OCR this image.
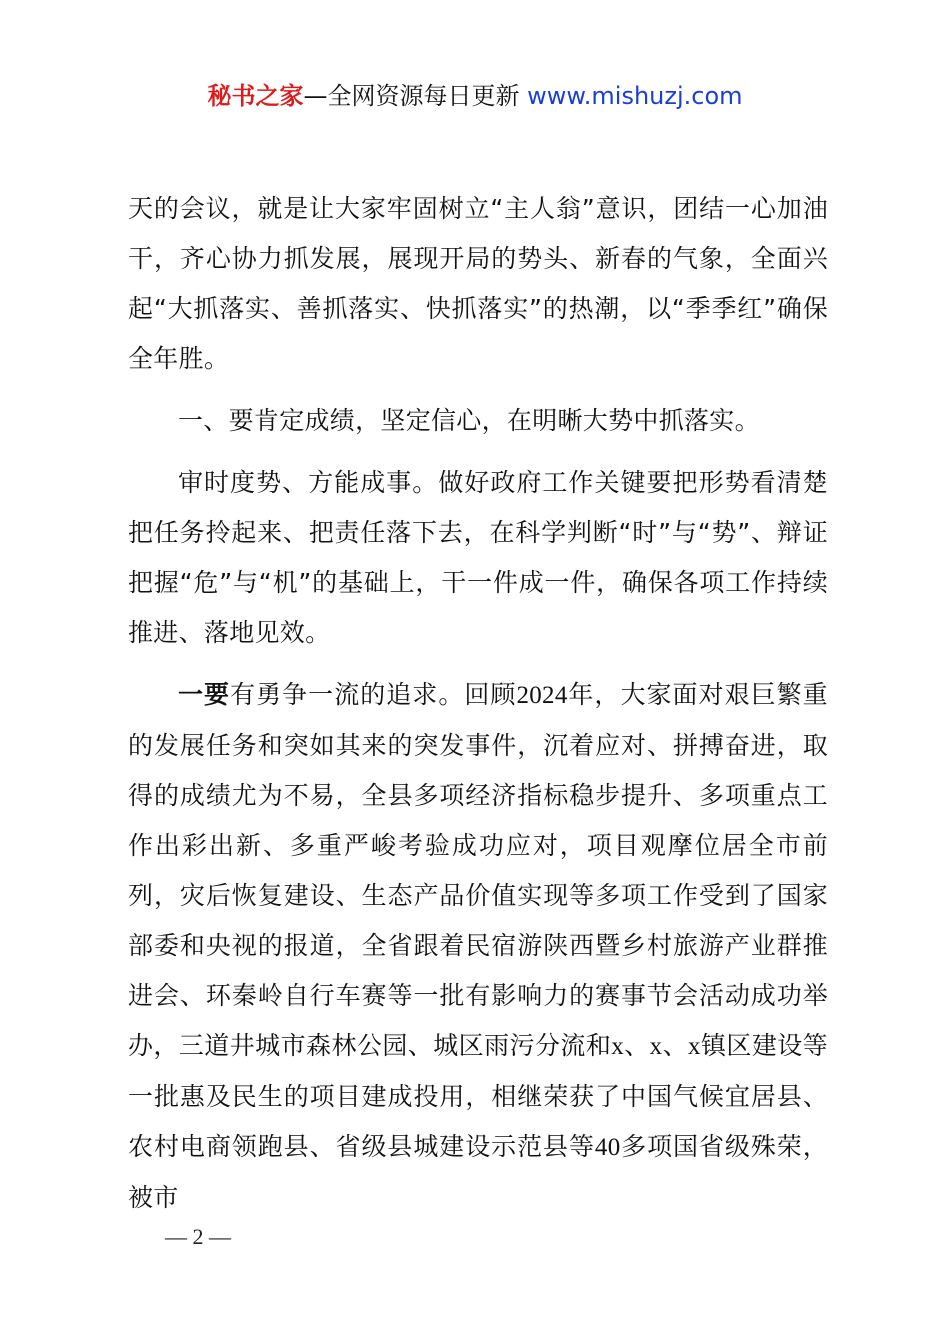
秘书之家—全网资源每日更新 www.mishuzj.com

天的会议，就是让大家牢固树立“主人翁”意识，团结一心加油干，齐心协力抓发展，展现开局的势头、新春的气象，全面兴起“大抓落实、善抓落实、快抓落实”的热潮，以“季季红”确保全年胜。

一、要肯定成绩，坚定信心，在明晰大势中抓落实。

审时度势、方能成事。做好政府工作关键要把形势看清楚把任务拎起来、把责任落下去，在科学判断“时”与“势”、辩证把握“危”与“机”的基础上，干一件成一件，确保各项工作持续推进、落地见效。

一要有勇争一流的追求。回顾2024年，大家面对艰巨繁重的发展任务和突如其来的突发事件，沉着应对、拼搏奋进，取得的成绩尤为不易，全县多项经济指标稳步提升、多项重点工作出彩出新、多重严峻考验成功应对，项目观摩位居全市前列，灾后恢复建设、生态产品价值实现等多项工作受到了国家部委和央视的报道，全省跟着民宿游陕西暨乡村旅游产业群推进会、环秦岭自行车赛等一批有影响力的赛事节会活动成功举办，三道井城市森林公园、城区雨污分流和x、x、x镇区建设等一批惠及民生的项目建成投用，相继荣获了中国气候宜居县、农村电商领跑县、省级县城建设示范县等40多项国省级殊荣，被市

— 2 —
